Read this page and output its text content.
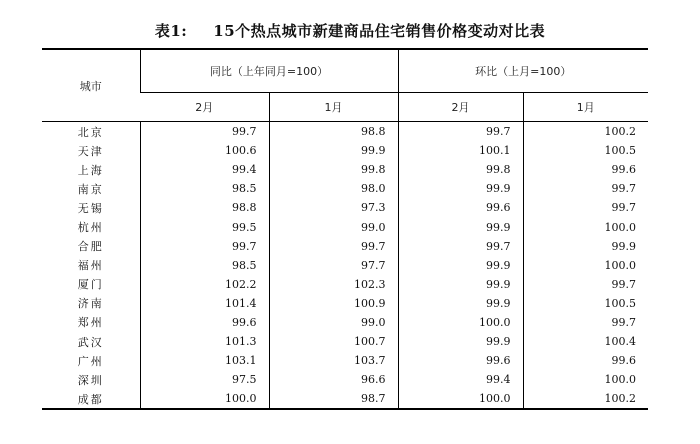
表1: 15个热点城市新建商品住宅销售价格变动对比表
城市	同比（上年同月=100）		环比（上月=100）	
	2月	1月	2月	1月
北京	99.7	98.8	99.7	100.2
天津	100.6	99.9	100.1	100.5
上海	99.4	99.8	99.8	99.6
南京	98.5	98.0	99.9	99.7
无锡	98.8	97.3	99.6	99.7
杭州	99.5	99.0	99.9	100.0
合肥	99.7	99.7	99.7	99.9
福州	98.5	97.7	99.9	100.0
厦门	102.2	102.3	99.9	99.7
济南	101.4	100.9	99.9	100.5
郑州	99.6	99.0	100.0	99.7
武汉	101.3	100.7	99.9	100.4
广州	103.1	103.7	99.6	99.6
深圳	97.5	96.6	99.4	100.0
成都	100.0	98.7	100.0	100.2
